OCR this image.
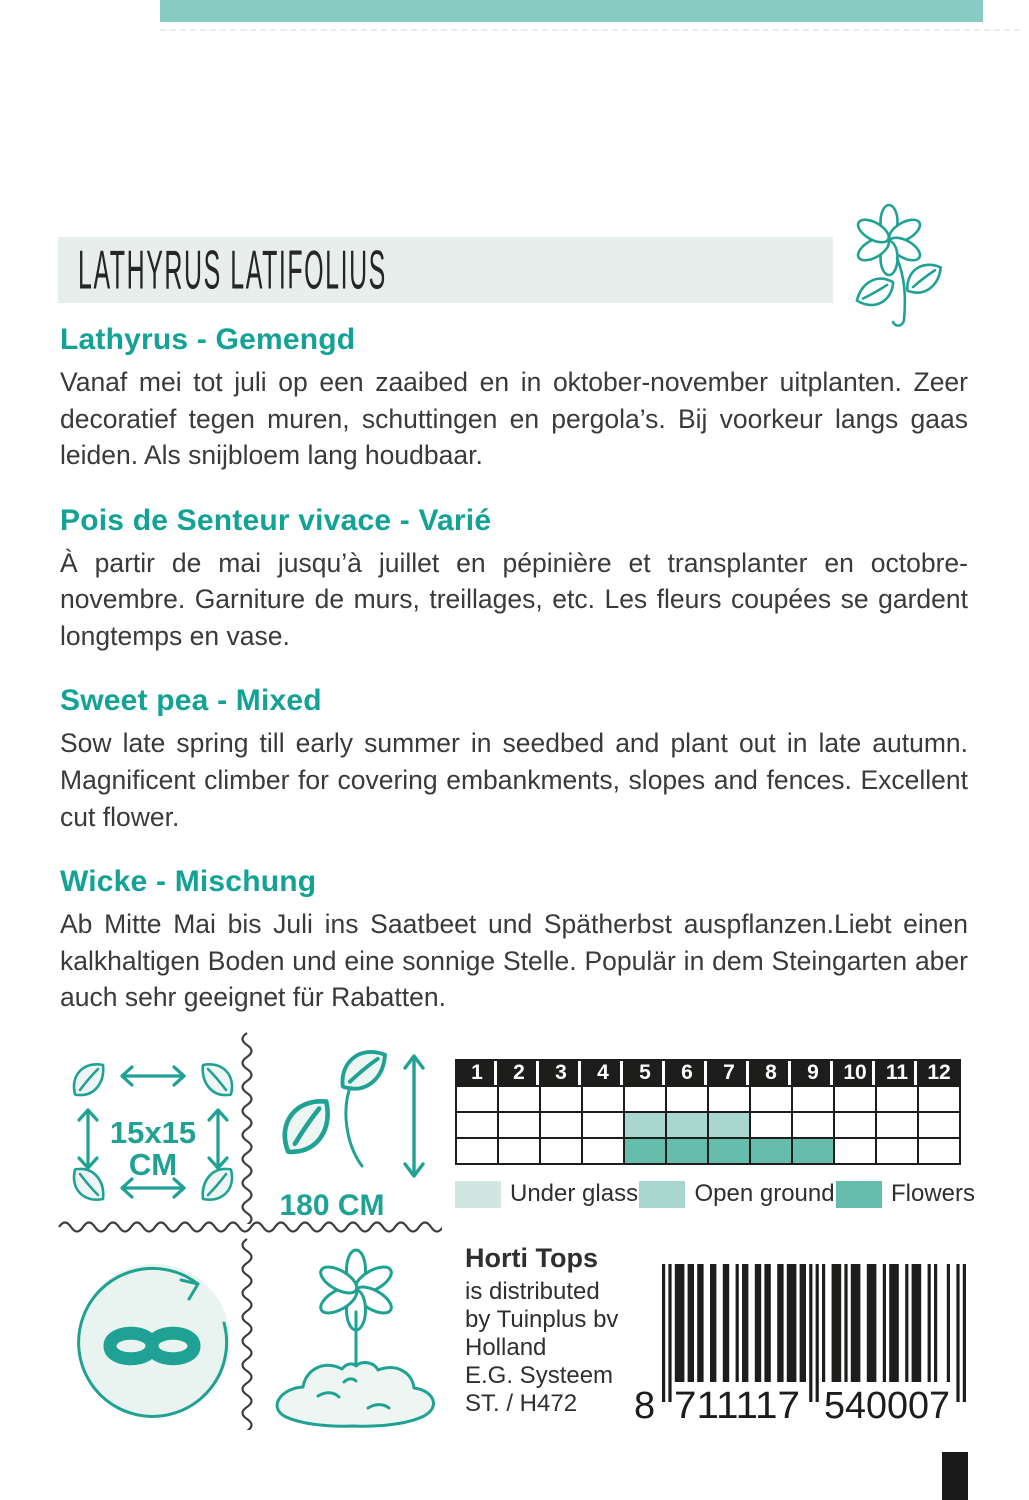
LATHYRUS LATIFOLIUS
Lathyrus - Gemengd

Vanaf mei tot juli op een zaaibed en in oktober-november uitplanten. Zeer decoratief tegen muren, schuttingen en pergola’s. Bij voorkeur langs gaas leiden. Als snijbloem lang houdbaar.

Pois de Senteur vivace - Varié

À partir de mai jusqu’à juillet en pépinière et transplanter en octobre-novembre. Garniture de murs, treillages, etc. Les fleurs coupées se gardent longtemps en vase.

Sweet pea - Mixed

Sow late spring till early summer in seedbed and plant out in late autumn. Magnificent climber for covering embankments, slopes and fences. Excellent cut flower.

Wicke - Mischung

Ab Mitte Mai bis Juli ins Saatbeet und Spätherbst auspflanzen.Liebt einen kalkhaltigen Boden und eine sonnige Stelle. Populär in dem Steingarten aber auch sehr geeignet für Rabatten.

15x15
CM
180 CM
1	2	3	4	5	6	7	8	9	10	11	12

Under glass Open ground Flowers
Horti Tops
is distributed
by Tuinplus bv
Holland
E.G. Systeem
ST. / H472	8 711117 540007
